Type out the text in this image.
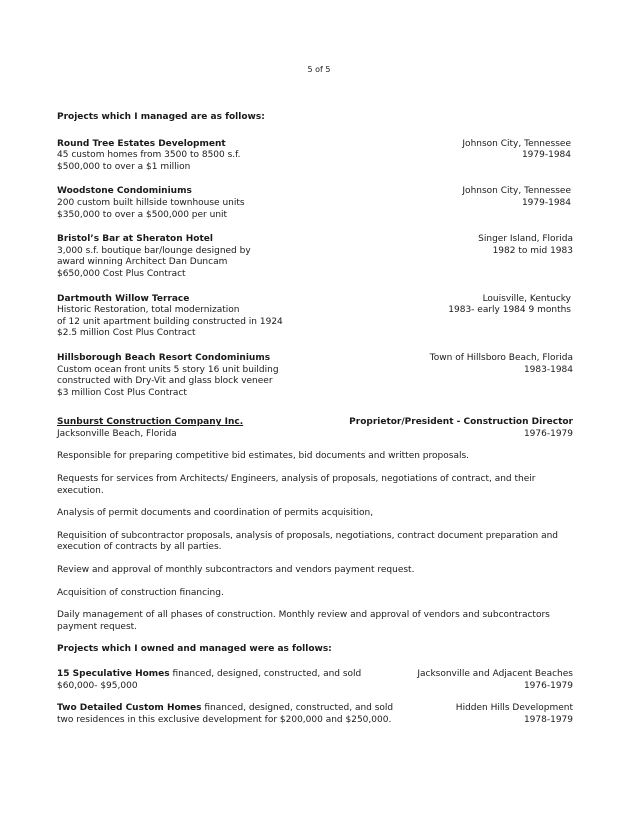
5 of 5
Projects which I managed are as follows:
Round Tree Estates Development	Johnson City, Tennessee
45 custom homes from 3500 to 8500 s.f.	1979-1984
$500,000 to over a $1 million
Woodstone Condominiums	Johnson City, Tennessee
200 custom built hillside townhouse units	1979-1984
$350,000 to over a $500,000 per unit
Bristol’s Bar at Sheraton Hotel	Singer Island, Florida
3,000 s.f. boutique bar/lounge designed by	1982 to mid 1983
award winning Architect Dan Duncam
$650,000 Cost Plus Contract
Dartmouth Willow Terrace	Louisville, Kentucky
Historic Restoration, total modernization	1983- early 1984 9 months
of 12 unit apartment building constructed in 1924
$2.5 million Cost Plus Contract
Hillsborough Beach Resort Condominiums	Town of Hillsboro Beach, Florida
Custom ocean front units 5 story 16 unit building	1983-1984
constructed with Dry-Vit and glass block veneer
$3 million Cost Plus Contract
Sunburst Construction Company Inc.	Proprietor/President - Construction Director
Jacksonville Beach, Florida	1976-1979
Responsible for preparing competitive bid estimates, bid documents and written proposals.
Requests for services from Architects/ Engineers, analysis of proposals, negotiations of contract, and their execution.
Analysis of permit documents and coordination of permits acquisition,
Requisition of subcontractor proposals, analysis of proposals, negotiations, contract document preparation and execution of contracts by all parties.
Review and approval of monthly subcontractors and vendors payment request.
Acquisition of construction financing.
Daily management of all phases of construction. Monthly review and approval of vendors and subcontractors payment request.
Projects which I owned and managed were as follows:
15 Speculative Homes financed, designed, constructed, and sold	Jacksonville and Adjacent Beaches
$60,000- $95,000	1976-1979
Two Detailed Custom Homes financed, designed, constructed, and sold	Hidden Hills Development
two residences in this exclusive development for $200,000 and $250,000.	1978-1979
